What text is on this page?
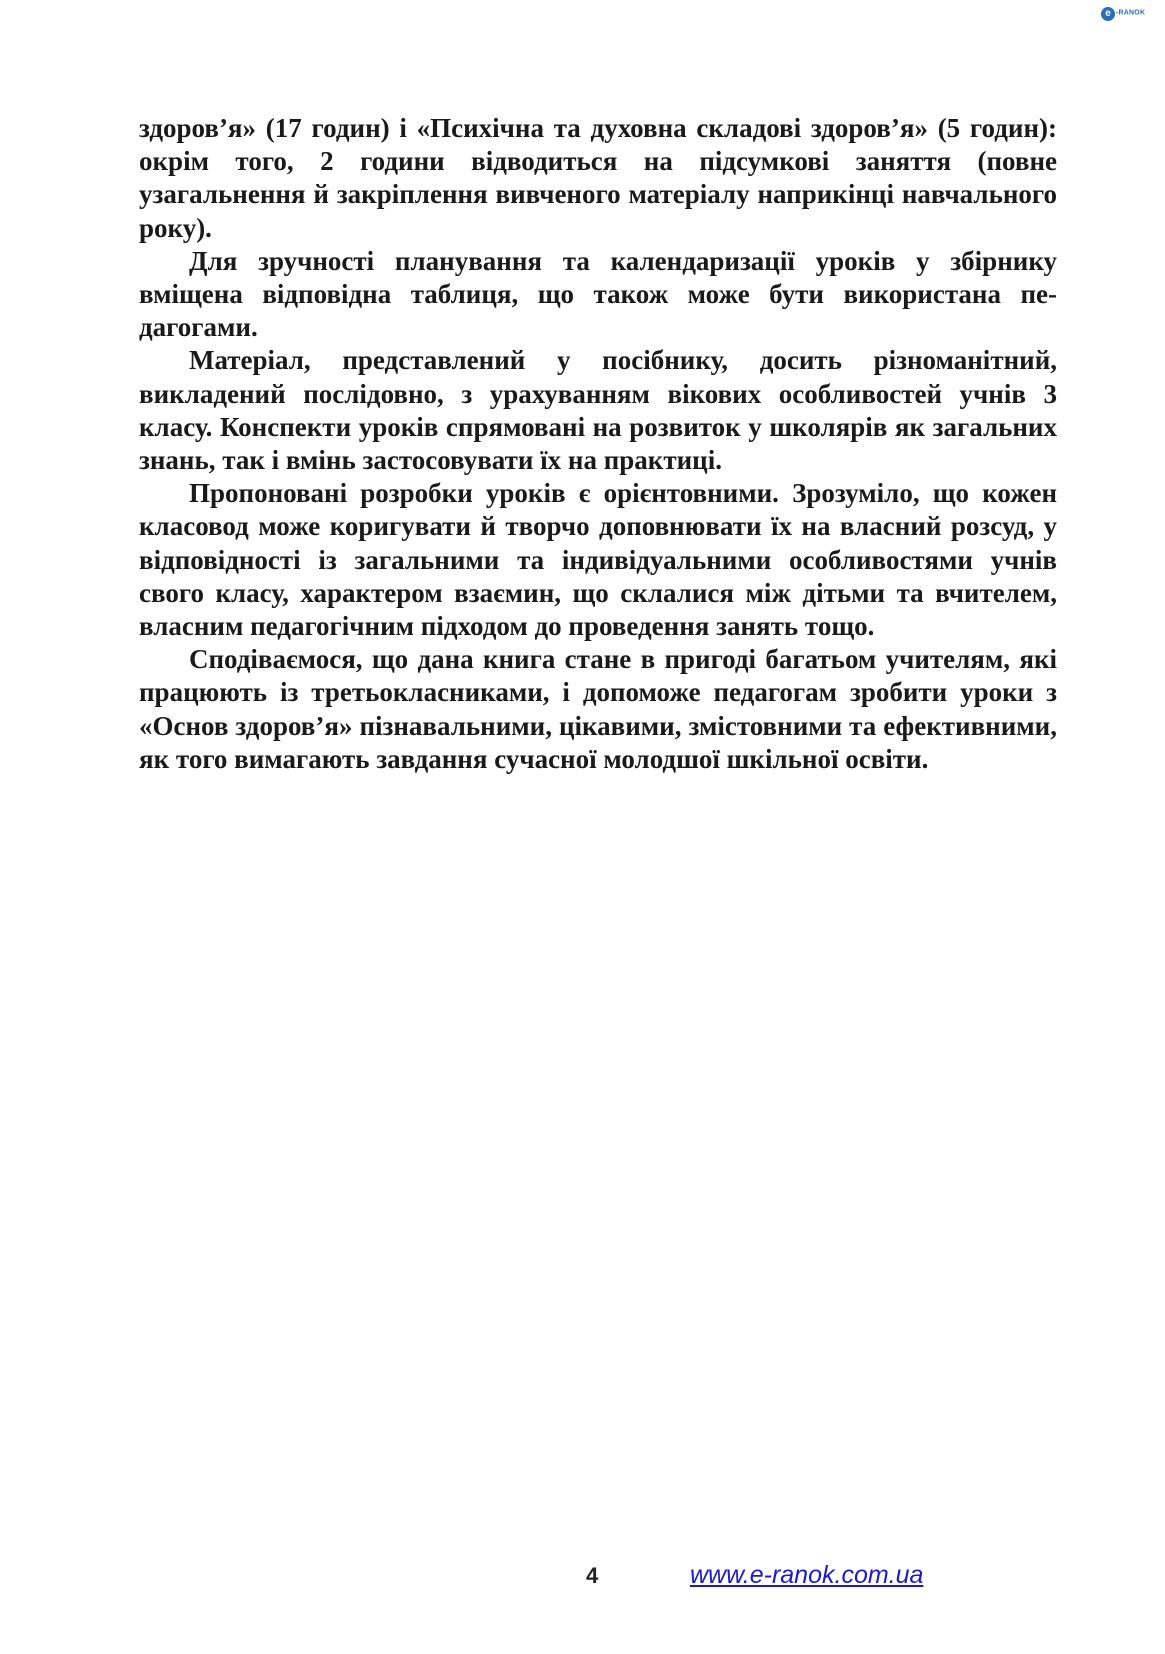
e -RANOK

здоров’я» (17 годин) і «Психічна та духовна складові здоров’я» (5 годин): окрім того, 2 години відводиться на підсумкові заняття (повне узагальнення й закріплення вивченого матеріалу наприкінці навчального року).

Для зручності планування та календаризації уроків у збірнику вміщена відповідна таблиця, що також може бути використана педагогами.

Матеріал, представлений у посібнику, досить різноманітний, викладений послідовно, з урахуванням вікових особливостей учнів 3 класу. Конспекти уроків спрямовані на розвиток у школярів як загальних знань, так і вмінь застосовувати їх на практиці.

Пропоновані розробки уроків є орієнтовними. Зрозуміло, що кожен класовод може коригувати й творчо доповнювати їх на власний розсуд, у відповідності із загальними та індивідуальними особливостями учнів свого класу, характером взаємин, що склалися між дітьми та вчителем, власним педагогічним підходом до проведення занять тощо.

Сподіваємося, що дана книга стане в пригоді багатьом учителям, які працюють із третьокласниками, і допоможе педагогам зробити уроки з «Основ здоров’я» пізнавальними, цікавими, змістовними та ефективними, як того вимагають завдання сучасної молодшої шкільної освіти.

4	www.e-ranok.com.ua
